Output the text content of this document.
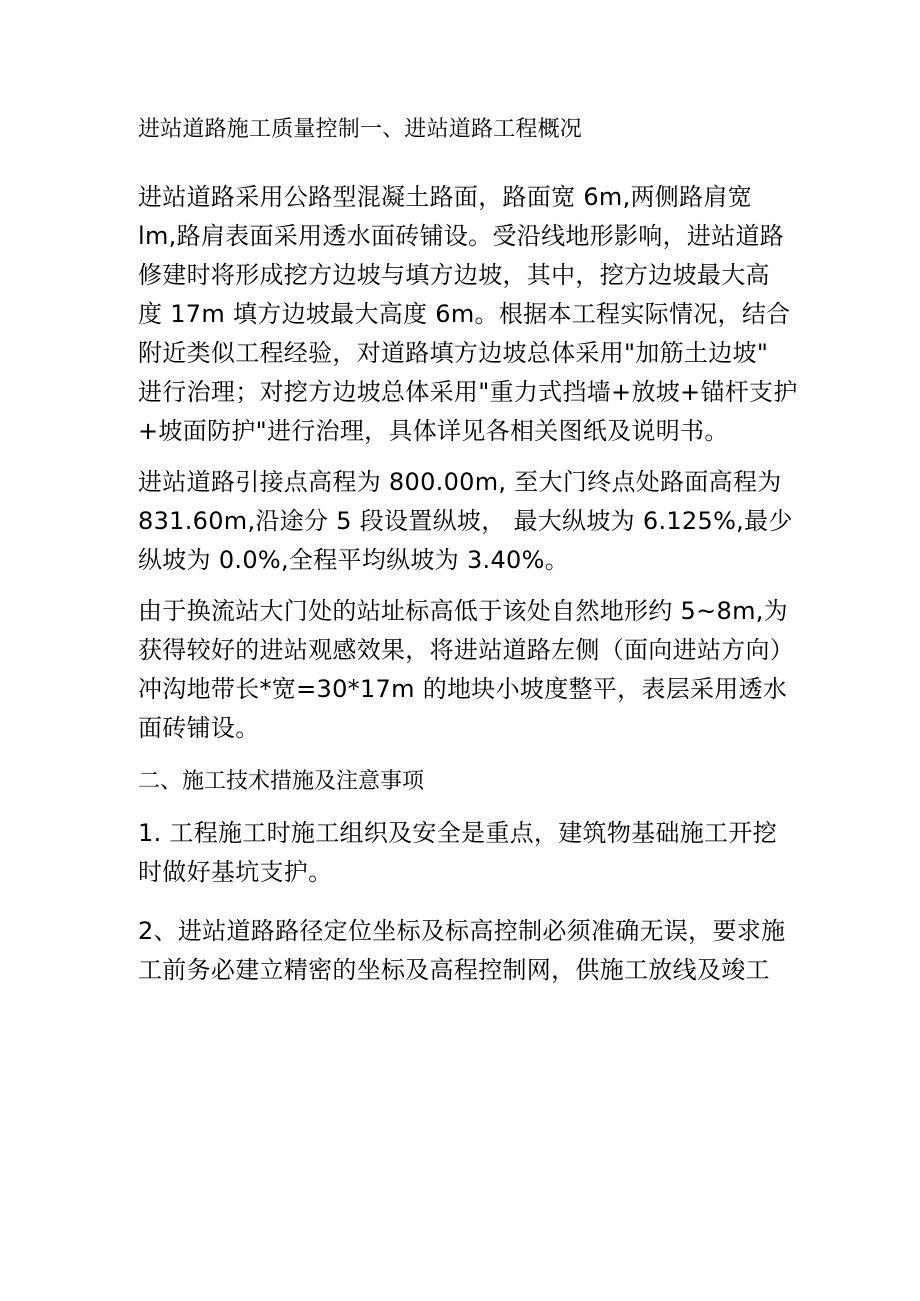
进站道路施工质量控制一、进站道路工程概况

进站道路采用公路型混凝土路面，路面宽 6m,两侧路肩宽
lm,路肩表面采用透水面砖铺设。受沿线地形影响，进站道路
修建时将形成挖方边坡与填方边坡，其中，挖方边坡最大高
度 17m 填方边坡最大高度 6m。根据本工程实际情况，结合
附近类似工程经验，对道路填方边坡总体采用"加筋土边坡"
进行治理；对挖方边坡总体采用"重力式挡墙+放坡+锚杆支护
+坡面防护"进行治理，具体详见各相关图纸及说明书。

进站道路引接点高程为 800.00m, 至大门终点处路面高程为
831.60m,沿途分 5 段设置纵坡， 最大纵坡为 6.125%,最少
纵坡为 0.0%,全程平均纵坡为 3.40%。

由于换流站大门处的站址标高低于该处自然地形约 5~8m,为
获得较好的进站观感效果，将进站道路左侧（面向进站方向）
冲沟地带长*宽=30*17m 的地块小坡度整平，表层采用透水
面砖铺设。

二、施工技术措施及注意事项

1. 工程施工时施工组织及安全是重点，建筑物基础施工开挖
时做好基坑支护。

2、进站道路路径定位坐标及标高控制必须准确无误，要求施
工前务必建立精密的坐标及高程控制网，供施工放线及竣工
